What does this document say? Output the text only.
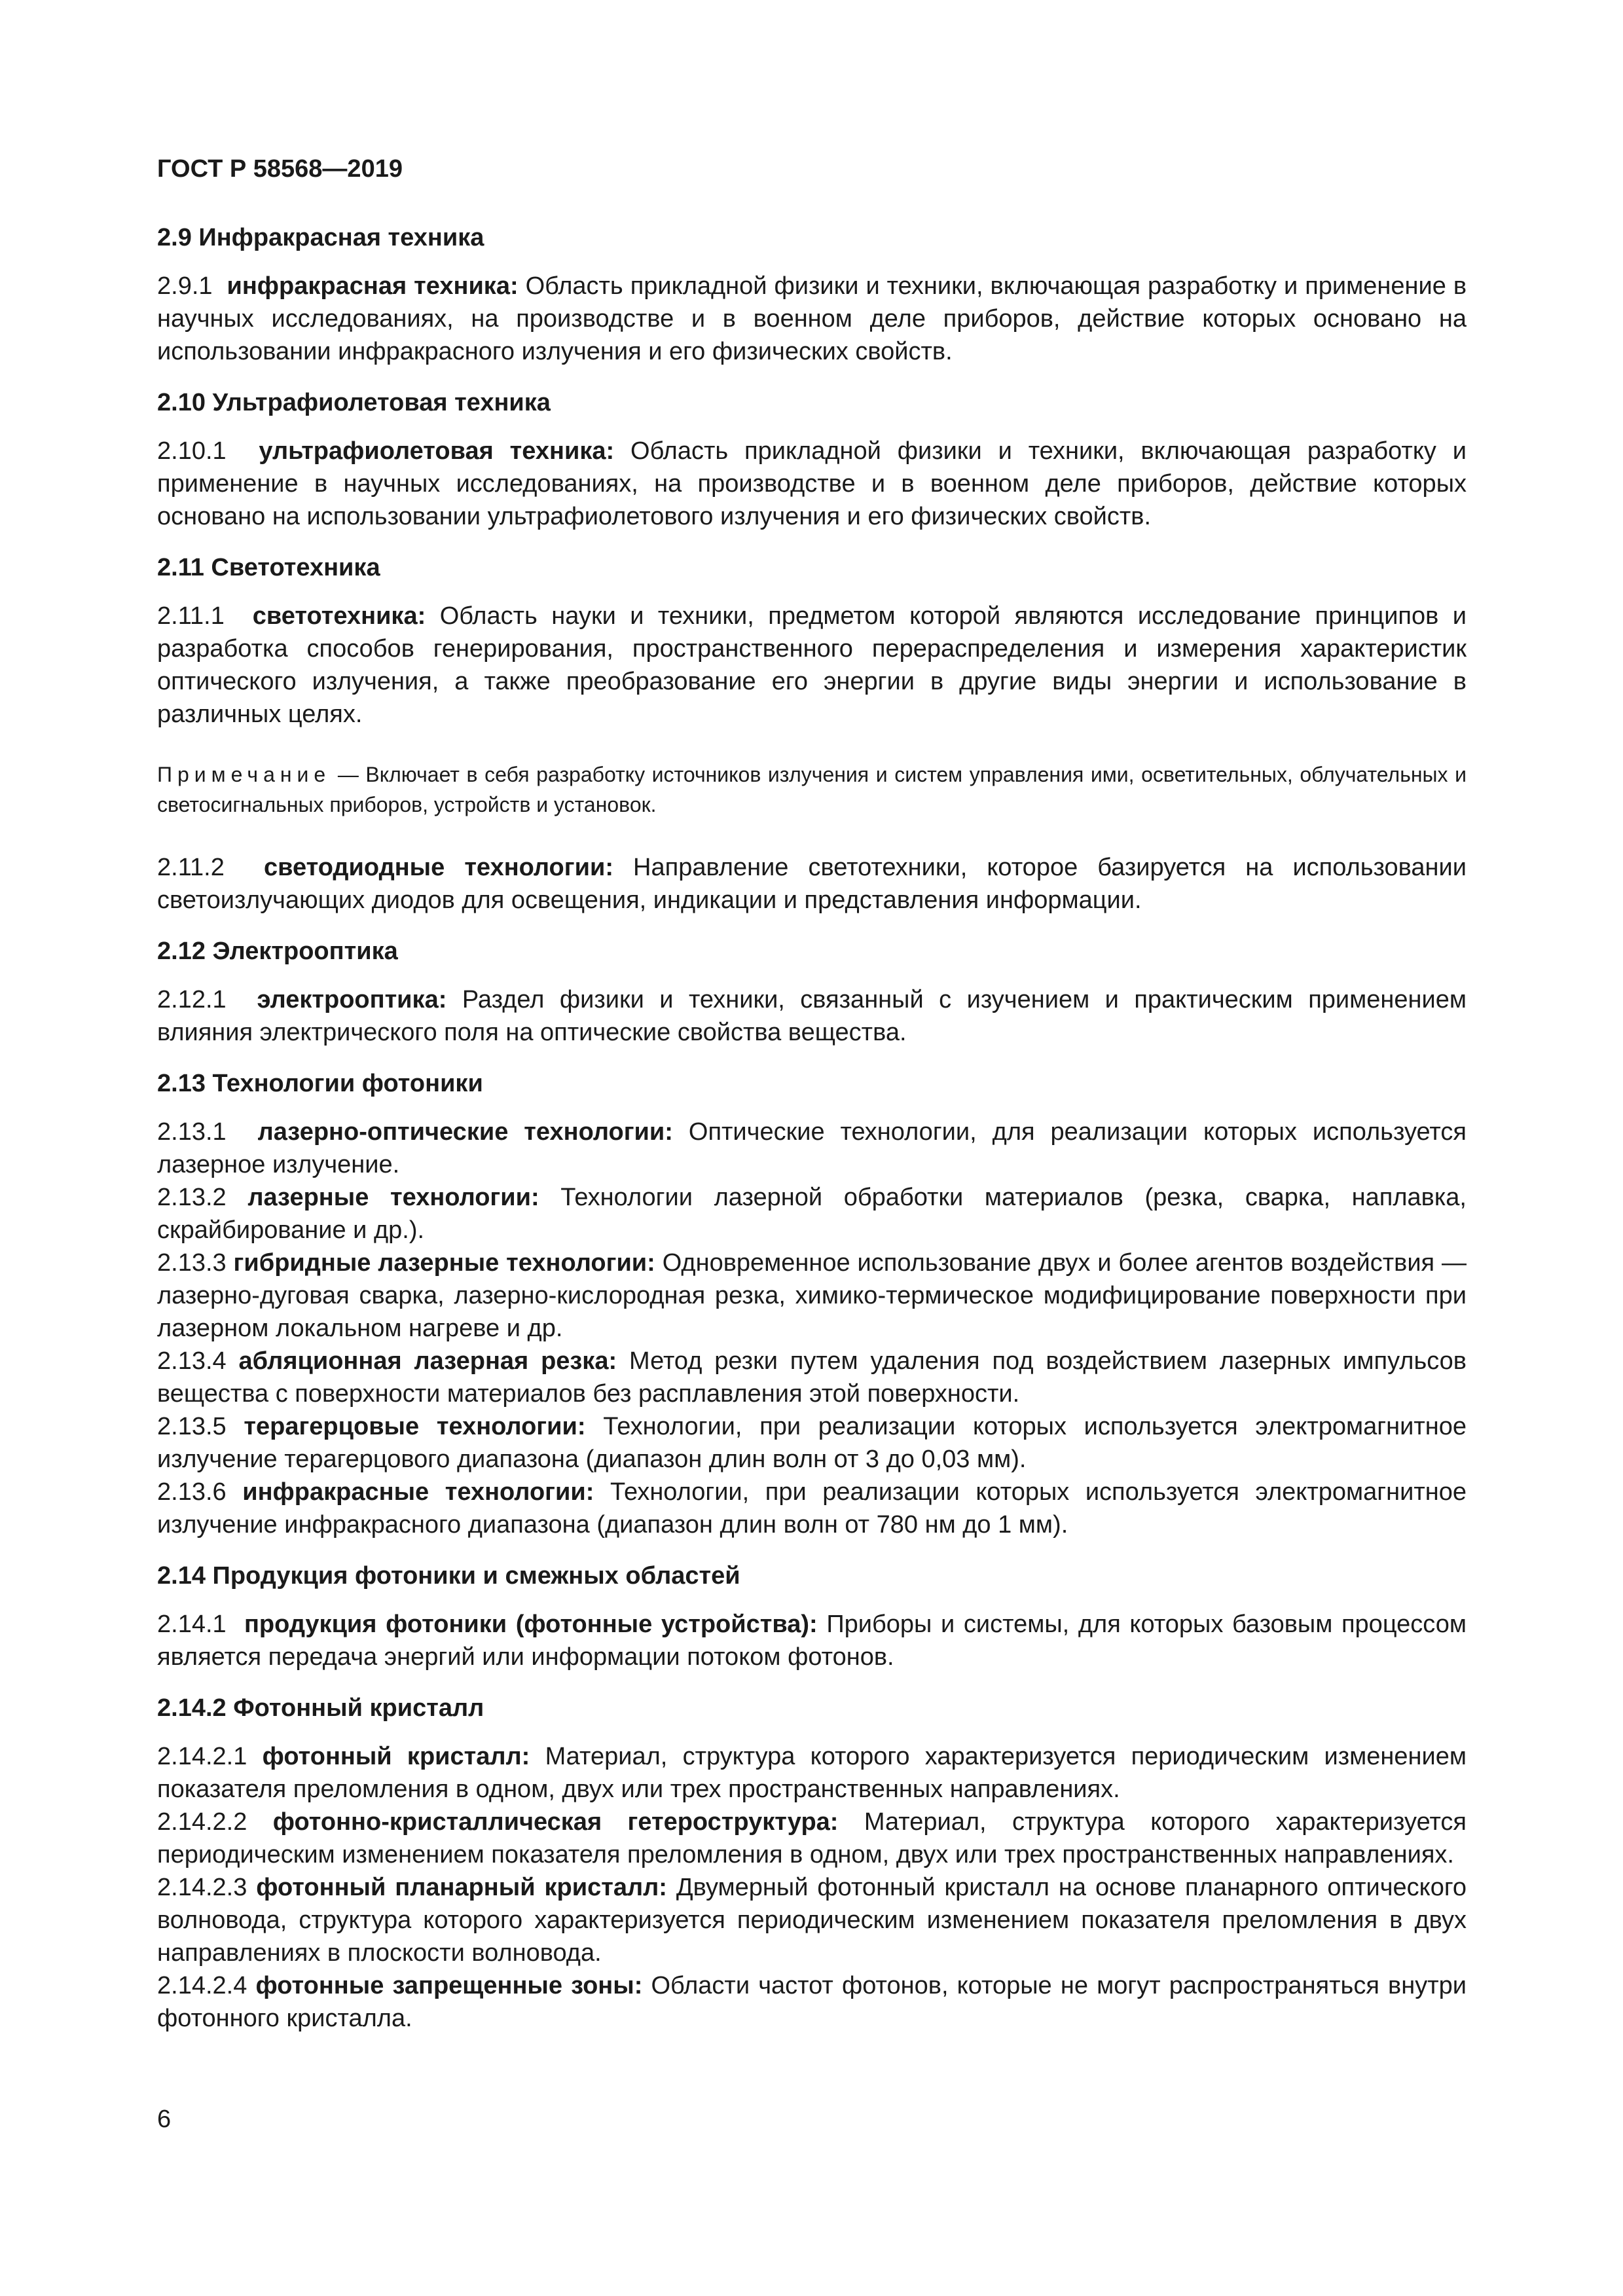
ГОСТ Р 58568—2019
2.9 Инфракрасная техника
2.9.1 инфракрасная техника: Область прикладной физики и техники, включающая разработку и применение в научных исследованиях, на производстве и в военном деле приборов, действие которых основано на использовании инфракрасного излучения и его физических свойств.
2.10 Ультрафиолетовая техника
2.10.1 ультрафиолетовая техника: Область прикладной физики и техники, включающая разработку и применение в научных исследованиях, на производстве и в военном деле приборов, действие которых основано на использовании ультрафиолетового излучения и его физических свойств.
2.11 Светотехника
2.11.1 светотехника: Область науки и техники, предметом которой являются исследование принципов и разработка способов генерирования, пространственного перераспределения и измерения характеристик оптического излучения, а также преобразование его энергии в другие виды энергии и использование в различных целях.
Примечание — Включает в себя разработку источников излучения и систем управления ими, осветительных, облучательных и светосигнальных приборов, устройств и установок.
2.11.2 светодиодные технологии: Направление светотехники, которое базируется на использовании светоизлучающих диодов для освещения, индикации и представления информации.
2.12 Электрооптика
2.12.1 электрооптика: Раздел физики и техники, связанный с изучением и практическим применением влияния электрического поля на оптические свойства вещества.
2.13 Технологии фотоники
2.13.1 лазерно-оптические технологии: Оптические технологии, для реализации которых используется лазерное излучение.
2.13.2 лазерные технологии: Технологии лазерной обработки материалов (резка, сварка, наплавка, скрайбирование и др.).
2.13.3 гибридные лазерные технологии: Одновременное использование двух и более агентов воздействия — лазерно-дуговая сварка, лазерно-кислородная резка, химико-термическое модифицирование поверхности при лазерном локальном нагреве и др.
2.13.4 абляционная лазерная резка: Метод резки путем удаления под воздействием лазерных импульсов вещества с поверхности материалов без расплавления этой поверхности.
2.13.5 терагерцовые технологии: Технологии, при реализации которых используется электромагнитное излучение терагерцового диапазона (диапазон длин волн от 3 до 0,03 мм).
2.13.6 инфракрасные технологии: Технологии, при реализации которых используется электромагнитное излучение инфракрасного диапазона (диапазон длин волн от 780 нм до 1 мм).
2.14 Продукция фотоники и смежных областей
2.14.1 продукция фотоники (фотонные устройства): Приборы и системы, для которых базовым процессом является передача энергий или информации потоком фотонов.
2.14.2 Фотонный кристалл
2.14.2.1 фотонный кристалл: Материал, структура которого характеризуется периодическим изменением показателя преломления в одном, двух или трех пространственных направлениях.
2.14.2.2 фотонно-кристаллическая гетероструктура: Материал, структура которого характеризуется периодическим изменением показателя преломления в одном, двух или трех пространственных направлениях.
2.14.2.3 фотонный планарный кристалл: Двумерный фотонный кристалл на основе планарного оптического волновода, структура которого характеризуется периодическим изменением показателя преломления в двух направлениях в плоскости волновода.
2.14.2.4 фотонные запрещенные зоны: Области частот фотонов, которые не могут распространяться внутри фотонного кристалла.
6
